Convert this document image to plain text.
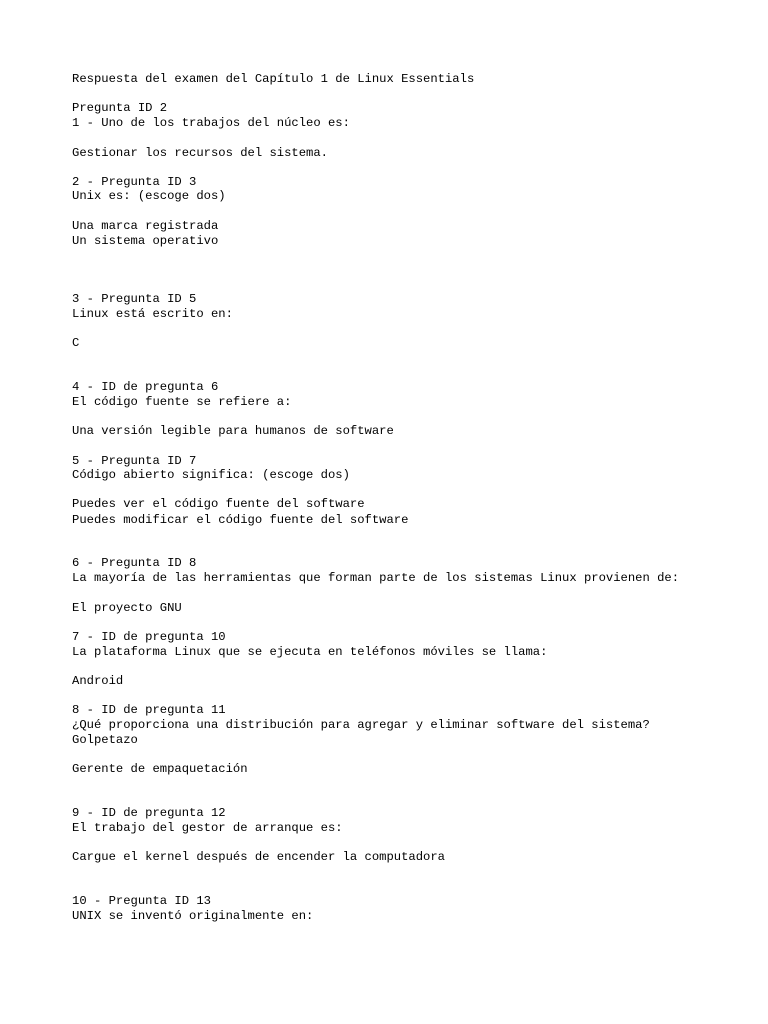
Respuesta del examen del Capítulo 1 de Linux Essentials

Pregunta ID 2

1 - Uno de los trabajos del núcleo es:

Gestionar los recursos del sistema.

2 - Pregunta ID 3

Unix es: (escoge dos)

Una marca registrada

Un sistema operativo

3 - Pregunta ID 5

Linux está escrito en:

C

4 - ID de pregunta 6

El código fuente se refiere a:

Una versión legible para humanos de software

5 - Pregunta ID 7

Código abierto significa: (escoge dos)

Puedes ver el código fuente del software

Puedes modificar el código fuente del software

6 - Pregunta ID 8

La mayoría de las herramientas que forman parte de los sistemas Linux provienen de:

El proyecto GNU

7 - ID de pregunta 10

La plataforma Linux que se ejecuta en teléfonos móviles se llama:

Android

8 - ID de pregunta 11

¿Qué proporciona una distribución para agregar y eliminar software del sistema?

Golpetazo

Gerente de empaquetación

9 - ID de pregunta 12

El trabajo del gestor de arranque es:

Cargue el kernel después de encender la computadora

10 - Pregunta ID 13

UNIX se inventó originalmente en:
